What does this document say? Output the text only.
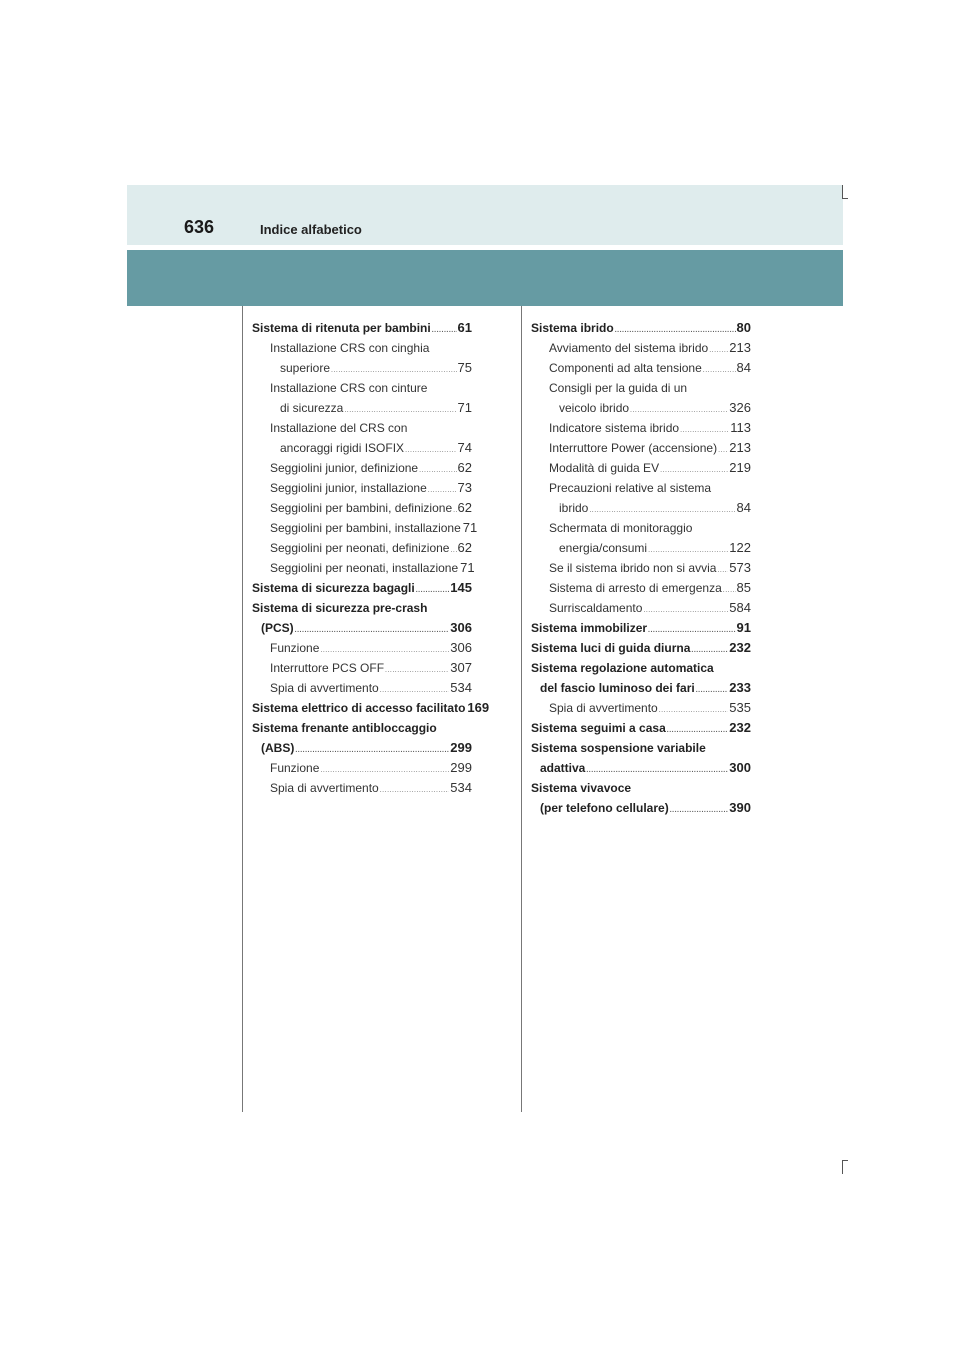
636	Indice alfabetico
Sistema di ritenuta per bambini ..... 61
Installazione CRS con cinghia
superiore .....	75
Installazione CRS con cinture
di sicurezza .....	71
Installazione del CRS con
ancoraggi rigidi ISOFIX .....	74
Seggiolini junior, definizione .....	62
Seggiolini junior, installazione ..... 73
Seggiolini per bambini, definizione ..... 62
Seggiolini per bambini, installazione 71
Seggiolini per neonati, definizione ..... 62
Seggiolini per neonati, installazione 71
Sistema di sicurezza bagagli .....	145
Sistema di sicurezza pre-crash
(PCS) .....	306
Funzione .....	306
Interruttore PCS OFF .....	307
Spia di avvertimento .....	534
Sistema elettrico di accesso facilitato 169
Sistema frenante antibloccaggio
(ABS) .....	299
Funzione .....	299
Spia di avvertimento .....	534
Sistema ibrido .....	80
Avviamento del sistema ibrido ..... 213
Componenti ad alta tensione .....	84
Consigli per la guida di un
veicolo ibrido .....	326
Indicatore sistema ibrido .....	113
Interruttore Power (accensione) ..... 213
Modalità di guida EV .....	219
Precauzioni relative al sistema
ibrido .....	84
Schermata di monitoraggio
energia/consumi .....	122
Se il sistema ibrido non si avvia ..... 573
Sistema di arresto di emergenza ..... 85
Surriscaldamento .....	584
Sistema immobilizer .....	91
Sistema luci di guida diurna .....	232
Sistema regolazione automatica
del fascio luminoso dei fari .....	233
Spia di avvertimento .....	535
Sistema seguimi a casa .....	232
Sistema sospensione variabile
adattiva .....	300
Sistema vivavoce
(per telefono cellulare) .....	390
